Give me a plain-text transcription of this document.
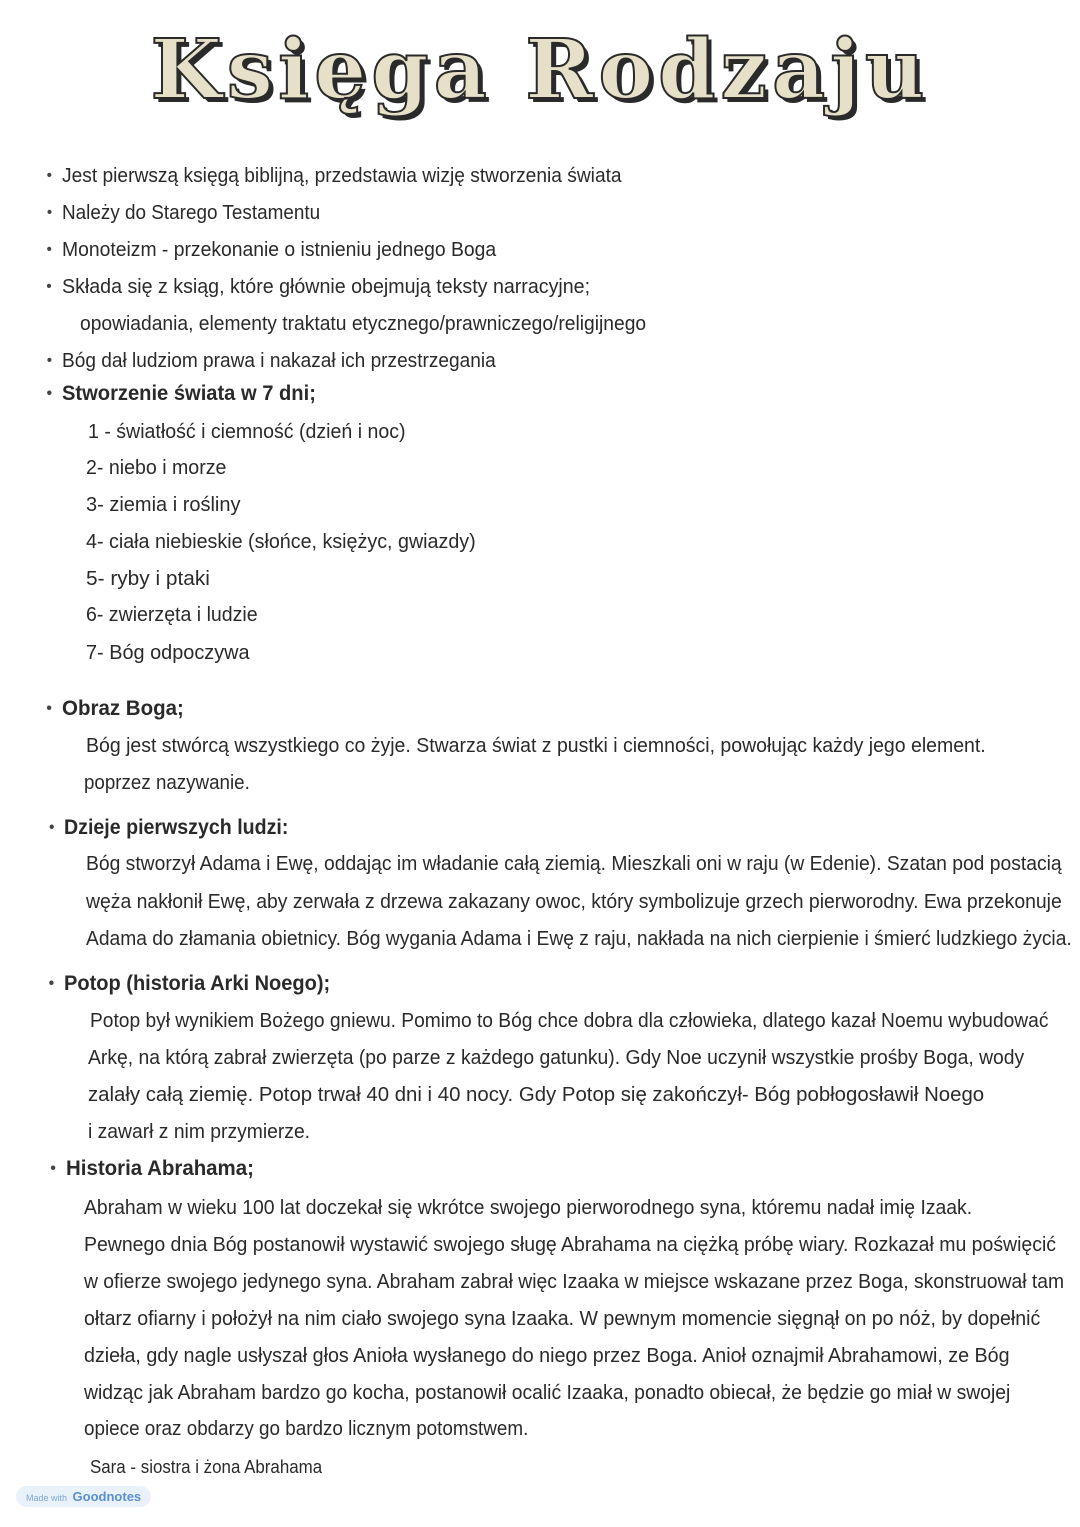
Księga Rodzaju
• Jest pierwszą księgą biblijną, przedstawia wizję stworzenia świata
• Należy do Starego Testamentu
• Monoteizm - przekonanie o istnieniu jednego Boga
• Składa się z ksiąg, które głównie obejmują teksty narracyjne;
opowiadania, elementy traktatu etycznego/prawniczego/religijnego
• Bóg dał ludziom prawa i nakazał ich przestrzegania
• Stworzenie świata w 7 dni;
1 - światłość i ciemność (dzień i noc)
2- niebo i morze
3- ziemia i rośliny
4- ciała niebieskie (słońce, księżyc, gwiazdy)
5- ryby i ptaki
6- zwierzęta i ludzie
7- Bóg odpoczywa
• Obraz Boga;
Bóg jest stwórcą wszystkiego co żyje. Stwarza świat z pustki i ciemności, powołując każdy jego element.
poprzez nazywanie.
• Dzieje pierwszych ludzi:
Bóg stworzył Adama i Ewę, oddając im władanie całą ziemią. Mieszkali oni w raju (w Edenie). Szatan pod postacią
węża nakłonił Ewę, aby zerwała z drzewa zakazany owoc, który symbolizuje grzech pierworodny. Ewa przekonuje
Adama do złamania obietnicy. Bóg wygania Adama i Ewę z raju, nakłada na nich cierpienie i śmierć ludzkiego życia.
• Potop (historia Arki Noego);
Potop był wynikiem Bożego gniewu. Pomimo to Bóg chce dobra dla człowieka, dlatego kazał Noemu wybudować
Arkę, na którą zabrał zwierzęta (po parze z każdego gatunku). Gdy Noe uczynił wszystkie prośby Boga, wody
zalały całą ziemię. Potop trwał 40 dni i 40 nocy. Gdy Potop się zakończył- Bóg pobłogosławił Noego
i zawarł z nim przymierze.
• Historia Abrahama;
Abraham w wieku 100 lat doczekał się wkrótce swojego pierworodnego syna, któremu nadał imię Izaak.
Pewnego dnia Bóg postanowił wystawić swojego sługę Abrahama na ciężką próbę wiary. Rozkazał mu poświęcić
w ofierze swojego jedynego syna. Abraham zabrał więc Izaaka w miejsce wskazane przez Boga, skonstruował tam
ołtarz ofiarny i położył na nim ciało swojego syna Izaaka. W pewnym momencie sięgnął on po nóż, by dopełnić
dzieła, gdy nagle usłyszał głos Anioła wysłanego do niego przez Boga. Anioł oznajmił Abrahamowi, ze Bóg
widząc jak Abraham bardzo go kocha, postanowił ocalić Izaaka, ponadto obiecał, że będzie go miał w swojej
opiece oraz obdarzy go bardzo licznym potomstwem.
Sara - siostra i żona Abrahama
Made with Goodnotes
